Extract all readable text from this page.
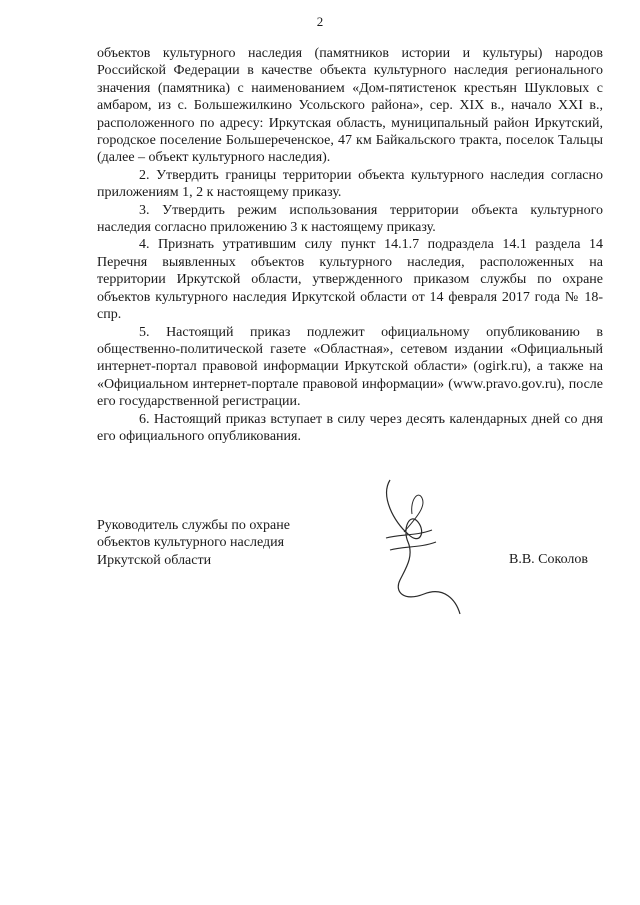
2

объектов культурного наследия (памятников истории и культуры) народов Российской Федерации в качестве объекта культурного наследия регионального значения (памятника) с наименованием «Дом-пятистенок крестьян Шукловых с амбаром, из с. Большежилкино Усольского района», сер. XIX в., начало XXI в., расположенного по адресу: Иркутская область, муниципальный район Иркутский, городское поселение Большереченское, 47 км Байкальского тракта, поселок Тальцы (далее – объект культурного наследия).

2. Утвердить границы территории объекта культурного наследия согласно приложениям 1, 2 к настоящему приказу.

3. Утвердить режим использования территории объекта культурного наследия согласно приложению 3 к настоящему приказу.

4. Признать утратившим силу пункт 14.1.7 подраздела 14.1 раздела 14 Перечня выявленных объектов культурного наследия, расположенных на территории Иркутской области, утвержденного приказом службы по охране объектов культурного наследия Иркутской области от 14 февраля 2017 года № 18-спр.

5. Настоящий приказ подлежит официальному опубликованию в общественно-политической газете «Областная», сетевом издании «Официальный интернет-портал правовой информации Иркутской области» (ogirk.ru), а также на «Официальном интернет-портале правовой информации» (www.pravo.gov.ru), после его государственной регистрации.

6. Настоящий приказ вступает в силу через десять календарных дней со дня его официального опубликования.

Руководитель службы по охране
объектов культурного наследия
Иркутской области	В.В. Соколов
